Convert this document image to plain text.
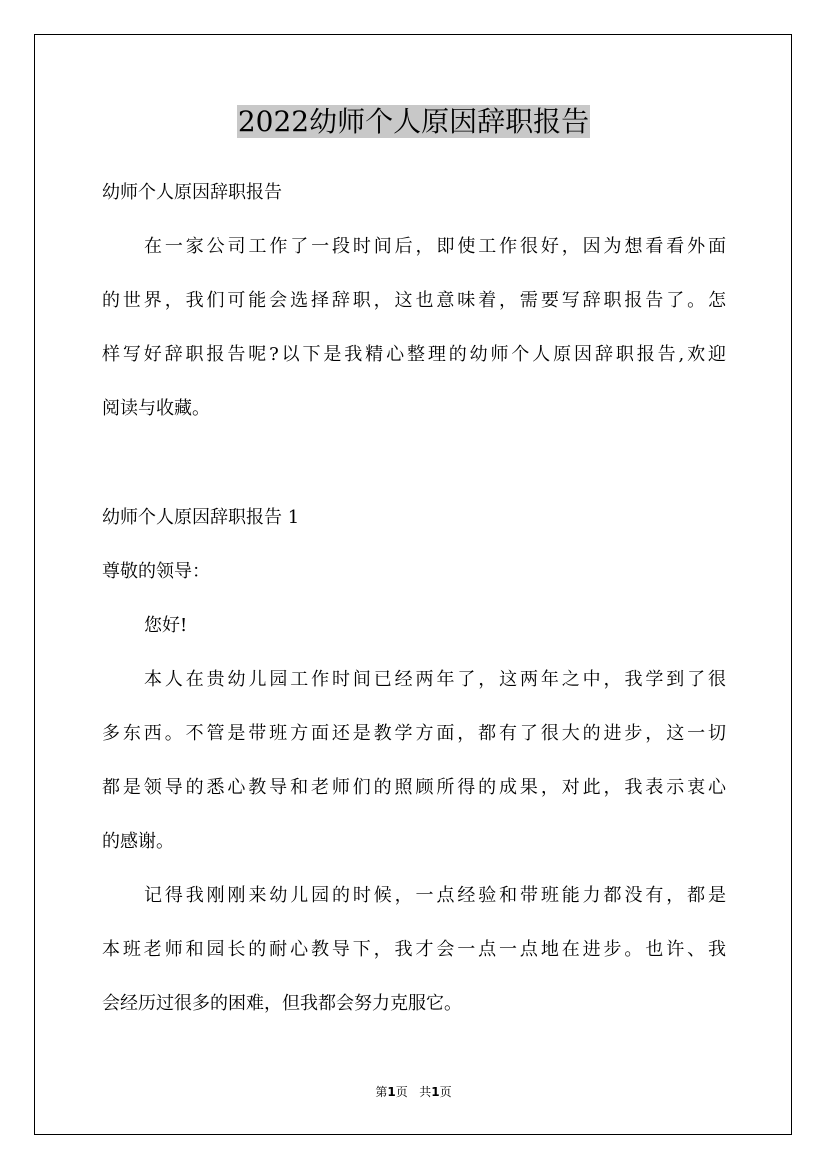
2022幼师个人原因辞职报告

幼师个人原因辞职报告

在一家公司工作了一段时间后，即使工作很好，因为想看看外面

的世界，我们可能会选择辞职，这也意味着，需要写辞职报告了。怎

样写好辞职报告呢?以下是我精心整理的幼师个人原因辞职报告,欢迎

阅读与收藏。

幼师个人原因辞职报告 1

尊敬的领导：

您好!

本人在贵幼儿园工作时间已经两年了，这两年之中，我学到了很

多东西。不管是带班方面还是教学方面，都有了很大的进步，这一切

都是领导的悉心教导和老师们的照顾所得的成果，对此，我表示衷心

的感谢。

记得我刚刚来幼儿园的时候，一点经验和带班能力都没有，都是

本班老师和园长的耐心教导下，我才会一点一点地在进步。也许、我

会经历过很多的困难，但我都会努力克服它。

第1页   共1页
